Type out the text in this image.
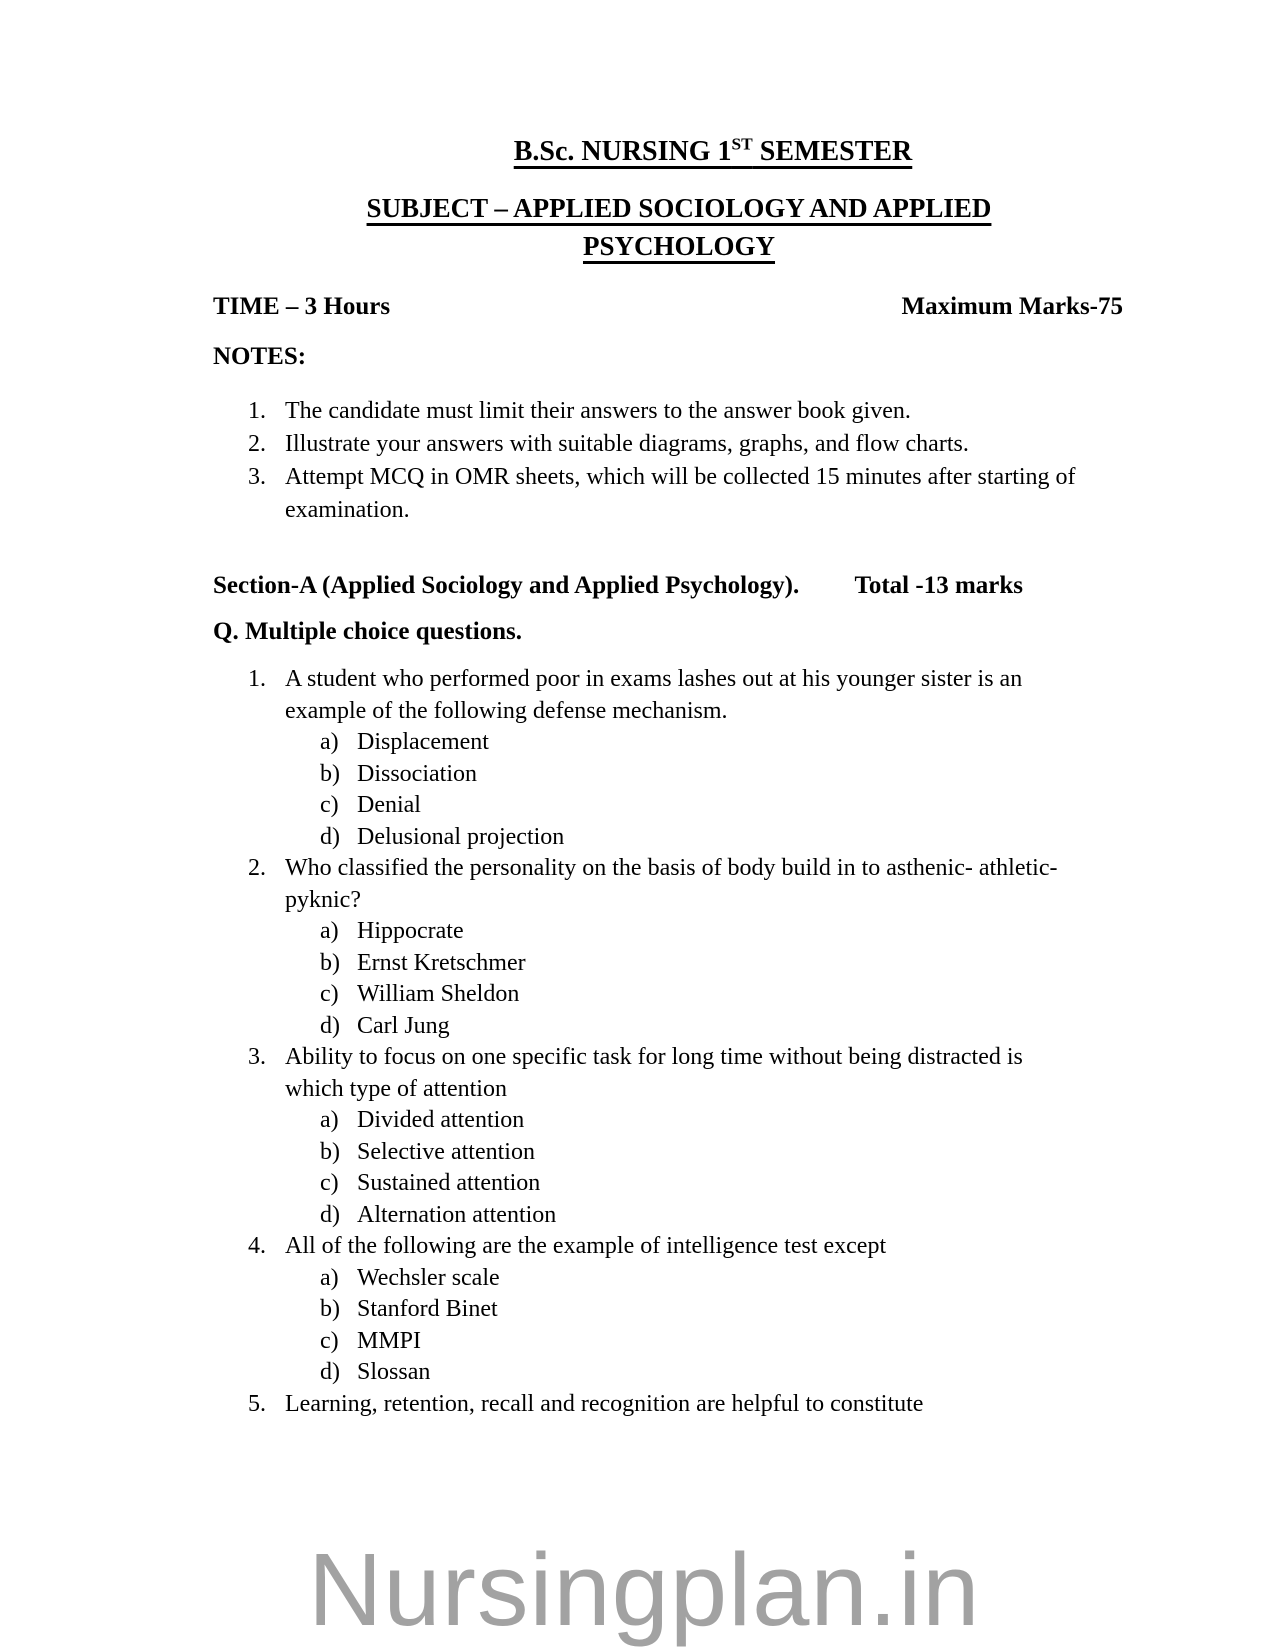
B.Sc. NURSING 1ST SEMESTER
SUBJECT – APPLIED SOCIOLOGY AND APPLIED
PSYCHOLOGY
TIME – 3 Hours	Maximum Marks-75
NOTES:
1. The candidate must limit their answers to the answer book given.
2. Illustrate your answers with suitable diagrams, graphs, and flow charts.
3. Attempt MCQ in OMR sheets, which will be collected 15 minutes after starting of examination.
Section-A (Applied Sociology and Applied Psychology). Total -13 marks
Q. Multiple choice questions.
1. A student who performed poor in exams lashes out at his younger sister is an example of the following defense mechanism.
a) Displacement
b) Dissociation
c) Denial
d) Delusional projection
2. Who classified the personality on the basis of body build in to asthenic- athletic- pyknic?
a) Hippocrate
b) Ernst Kretschmer
c) William Sheldon
d) Carl Jung
3. Ability to focus on one specific task for long time without being distracted is which type of attention
a) Divided attention
b) Selective attention
c) Sustained attention
d) Alternation attention
4. All of the following are the example of intelligence test except
a) Wechsler scale
b) Stanford Binet
c) MMPI
d) Slossan
5. Learning, retention, recall and recognition are helpful to constitute
Nursingplan.in
